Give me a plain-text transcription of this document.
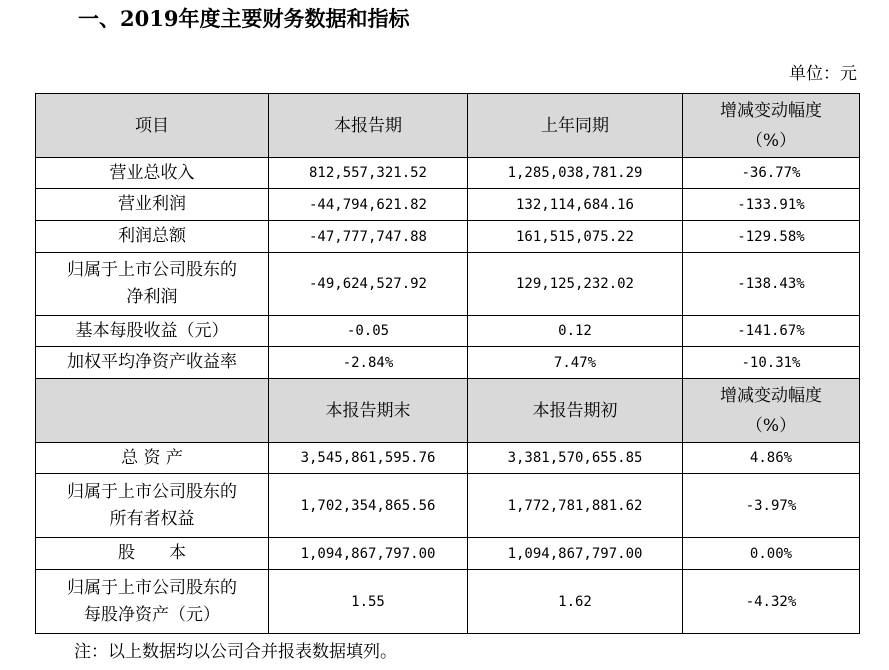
一、2019年度主要财务数据和指标
单位：元
项目	本报告期	上年同期	增减变动幅度
（%）

营业总收入	812,557,321.52	1,285,038,781.29	-36.77%
营业利润	-44,794,621.82	132,114,684.16	-133.91%
利润总额	-47,777,747.88	161,515,075.22	-129.58%

归属于上市公司股东的
净利润	-49,624,527.92	129,125,232.02	-138.43%
基本每股收益（元）	-0.05	0.12	-141.67%
加权平均净资产收益率	-2.84%	7.47%	-10.31%
	本报告期末	本报告期初	增减变动幅度
（%）

总 资 产	3,545,861,595.76	3,381,570,655.85	4.86%

归属于上市公司股东的
所有者权益	1,702,354,865.56	1,772,781,881.62	-3.97%
股　　本	1,094,867,797.00	1,094,867,797.00	0.00%

归属于上市公司股东的
每股净资产（元）	1.55	1.62	-4.32%
注：以上数据均以公司合并报表数据填列。
